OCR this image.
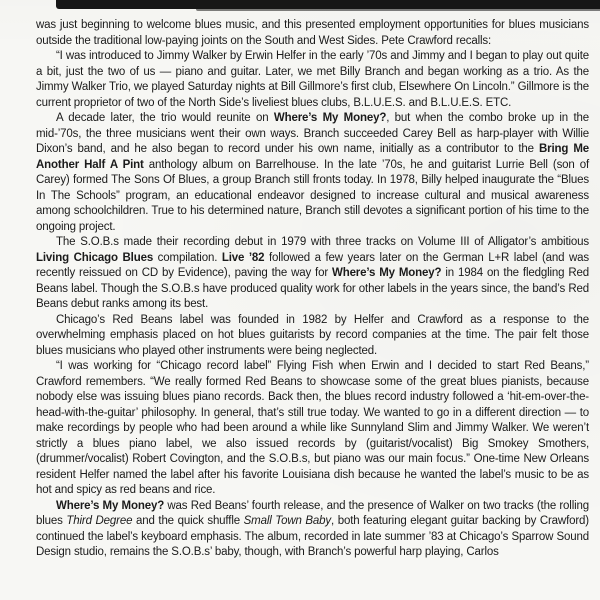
was just beginning to welcome blues music, and this presented employment opportunities for blues musicians outside the traditional low-paying joints on the South and West Sides. Pete Crawford recalls:

“I was introduced to Jimmy Walker by Erwin Helfer in the early ’70s and Jimmy and I began to play out quite a bit, just the two of us — piano and guitar. Later, we met Billy Branch and began working as a trio. As the Jimmy Walker Trio, we played Saturday nights at Bill Gillmore’s first club, Elsewhere On Lincoln.” Gillmore is the current proprietor of two of the North Side’s liveliest blues clubs, B.L.U.E.S. and B.L.U.E.S. ETC.

A decade later, the trio would reunite on Where’s My Money?, but when the combo broke up in the mid-’70s, the three musicians went their own ways. Branch succeeded Carey Bell as harp-player with Willie Dixon’s band, and he also began to record under his own name, initially as a contributor to the Bring Me Another Half A Pint anthology album on Barrelhouse. In the late ’70s, he and guitarist Lurrie Bell (son of Carey) formed The Sons Of Blues, a group Branch still fronts today. In 1978, Billy helped inaugurate the “Blues In The Schools” program, an educational endeavor designed to increase cultural and musical awareness among schoolchildren. True to his determined nature, Branch still devotes a significant portion of his time to the ongoing project.

The S.O.B.s made their recording debut in 1979 with three tracks on Volume III of Alligator’s ambitious Living Chicago Blues compilation. Live ’82 followed a few years later on the German L+R label (and was recently reissued on CD by Evidence), paving the way for Where’s My Money? in 1984 on the fledgling Red Beans label. Though the S.O.B.s have produced quality work for other labels in the years since, the band’s Red Beans debut ranks among its best.

Chicago’s Red Beans label was founded in 1982 by Helfer and Crawford as a response to the overwhelming emphasis placed on hot blues guitarists by record companies at the time. The pair felt those blues musicians who played other instruments were being neglected.

“I was working for “Chicago record label” Flying Fish when Erwin and I decided to start Red Beans,” Crawford remembers. “We really formed Red Beans to showcase some of the great blues pianists, because nobody else was issuing blues piano records. Back then, the blues record industry followed a ‘hit-em-over-the-head-with-the-guitar’ philosophy. In general, that’s still true today. We wanted to go in a different direction — to make recordings by people who had been around a while like Sunnyland Slim and Jimmy Walker. We weren’t strictly a blues piano label, we also issued records by (guitarist/vocalist) Big Smokey Smothers, (drummer/vocalist) Robert Covington, and the S.O.B.s, but piano was our main focus.” One-time New Orleans resident Helfer named the label after his favorite Louisiana dish because he wanted the label’s music to be as hot and spicy as red beans and rice.

Where’s My Money? was Red Beans’ fourth release, and the presence of Walker on two tracks (the rolling blues Third Degree and the quick shuffle Small Town Baby, both featuring elegant guitar backing by Crawford) continued the label’s keyboard emphasis. The album, recorded in late summer ’83 at Chicago’s Sparrow Sound Design studio, remains the S.O.B.s’ baby, though, with Branch’s powerful harp playing, Carlos
